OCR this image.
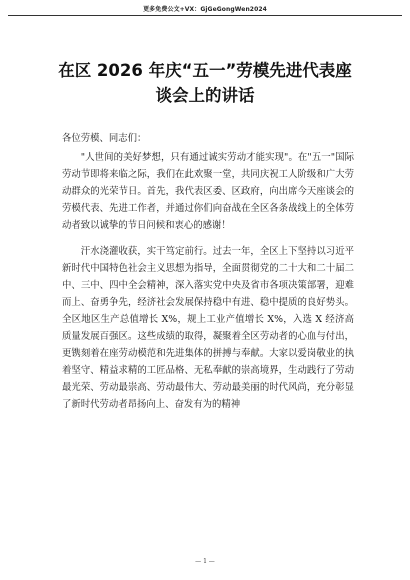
更多免费公文+VX：GjGeGongWen2024
在区 2026 年庆“五一”劳模先进代表座
谈会上的讲话
各位劳模、同志们：

"人世间的美好梦想，只有通过诚实劳动才能实现"。在"五一"国际劳动节即将来临之际，我们在此欢聚一堂，共同庆祝工人阶级和广大劳动群众的光荣节日。首先，我代表区委、区政府，向出席今天座谈会的劳模代表、先进工作者，并通过你们向奋战在全区各条战线上的全体劳动者致以诚挚的节日问候和衷心的感谢！

汗水浇灌收获，实干笃定前行。过去一年，全区上下坚持以习近平新时代中国特色社会主义思想为指导，全面贯彻党的二十大和二十届二中、三中、四中全会精神，深入落实党中央及省市各项决策部署，迎难而上、奋勇争先，经济社会发展保持稳中有进、稳中提质的良好势头。全区地区生产总值增长 X%，规上工业产值增长 X%，入选 X 经济高质量发展百强区。这些成绩的取得，凝聚着全区劳动者的心血与付出，更镌刻着在座劳动模范和先进集体的拼搏与奉献。大家以爱岗敬业的执着坚守、精益求精的工匠品格、无私奉献的崇高境界，生动践行了劳动最光荣、劳动最崇高、劳动最伟大、劳动最美丽的时代风尚，充分彰显了新时代劳动者昂扬向上、奋发有为的精神

— 1 —
